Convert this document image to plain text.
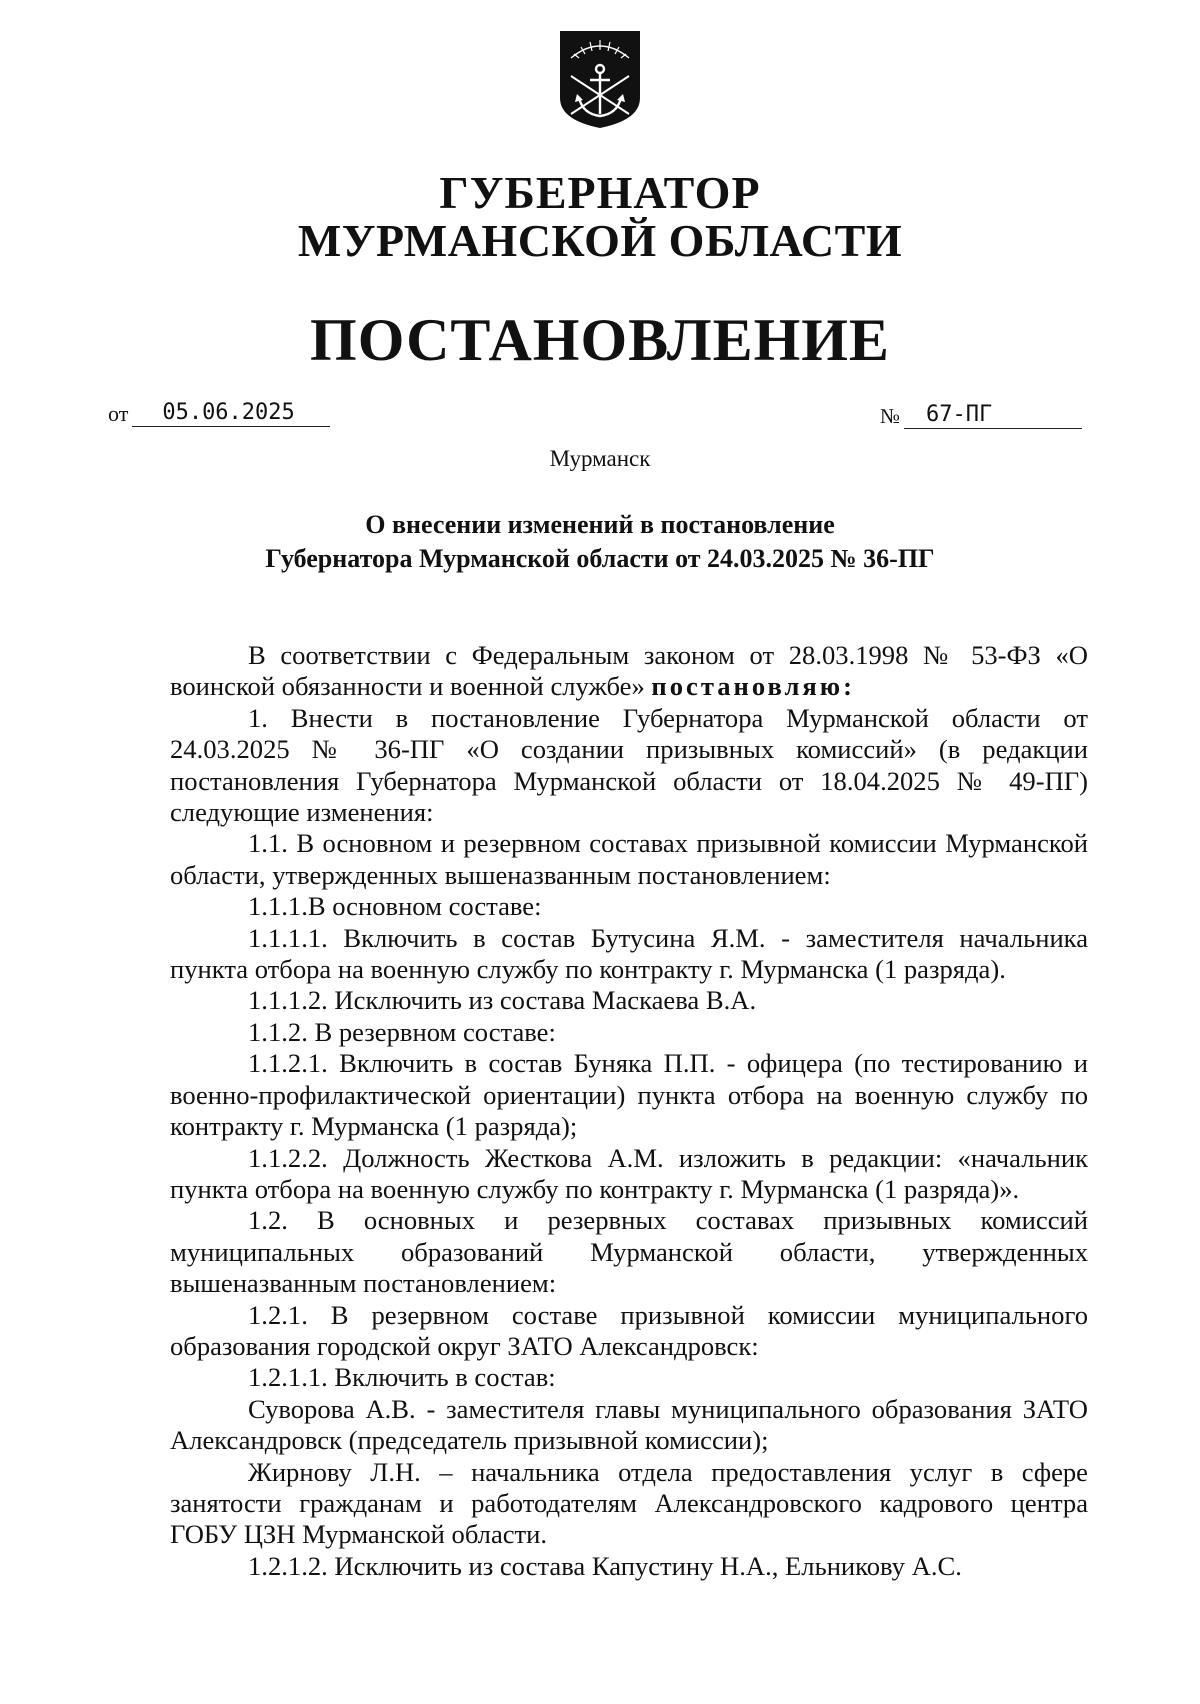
ГУБЕРНАТОР
МУРМАНСКОЙ ОБЛАСТИ
ПОСТАНОВЛЕНИЕ
от 05.06.2025	№ 67-ПГ

Мурманск

О внесении изменений в постановление
Губернатора Мурманской области от 24.03.2025 № 36-ПГ

В соответствии с Федеральным законом от 28.03.1998 № 53-ФЗ «О воинской обязанности и военной службе» постановляю:

1. Внести в постановление Губернатора Мурманской области от 24.03.2025 № 36-ПГ «О создании призывных комиссий» (в редакции постановления Губернатора Мурманской области от 18.04.2025 № 49-ПГ) следующие изменения:

1.1. В основном и резервном составах призывной комиссии Мурманской области, утвержденных вышеназванным постановлением:

1.1.1.В основном составе:

1.1.1.1. Включить в состав Бутусина Я.М. - заместителя начальника пункта отбора на военную службу по контракту г. Мурманска (1 разряда).

1.1.1.2. Исключить из состава Маскаева В.А.

1.1.2. В резервном составе:

1.1.2.1. Включить в состав Буняка П.П. - офицера (по тестированию и военно-профилактической ориентации) пункта отбора на военную службу по контракту г. Мурманска (1 разряда);

1.1.2.2. Должность Жесткова А.М. изложить в редакции: «начальник пункта отбора на военную службу по контракту г. Мурманска (1 разряда)».

1.2. В основных и резервных составах призывных комиссий муниципальных образований Мурманской области, утвержденных вышеназванным постановлением:

1.2.1. В резервном составе призывной комиссии муниципального образования городской округ ЗАТО Александровск:

1.2.1.1. Включить в состав:

Суворова А.В. - заместителя главы муниципального образования ЗАТО Александровск (председатель призывной комиссии);

Жирнову Л.Н. – начальника отдела предоставления услуг в сфере занятости гражданам и работодателям Александровского кадрового центра ГОБУ ЦЗН Мурманской области.

1.2.1.2. Исключить из состава Капустину Н.А., Ельникову А.С.
